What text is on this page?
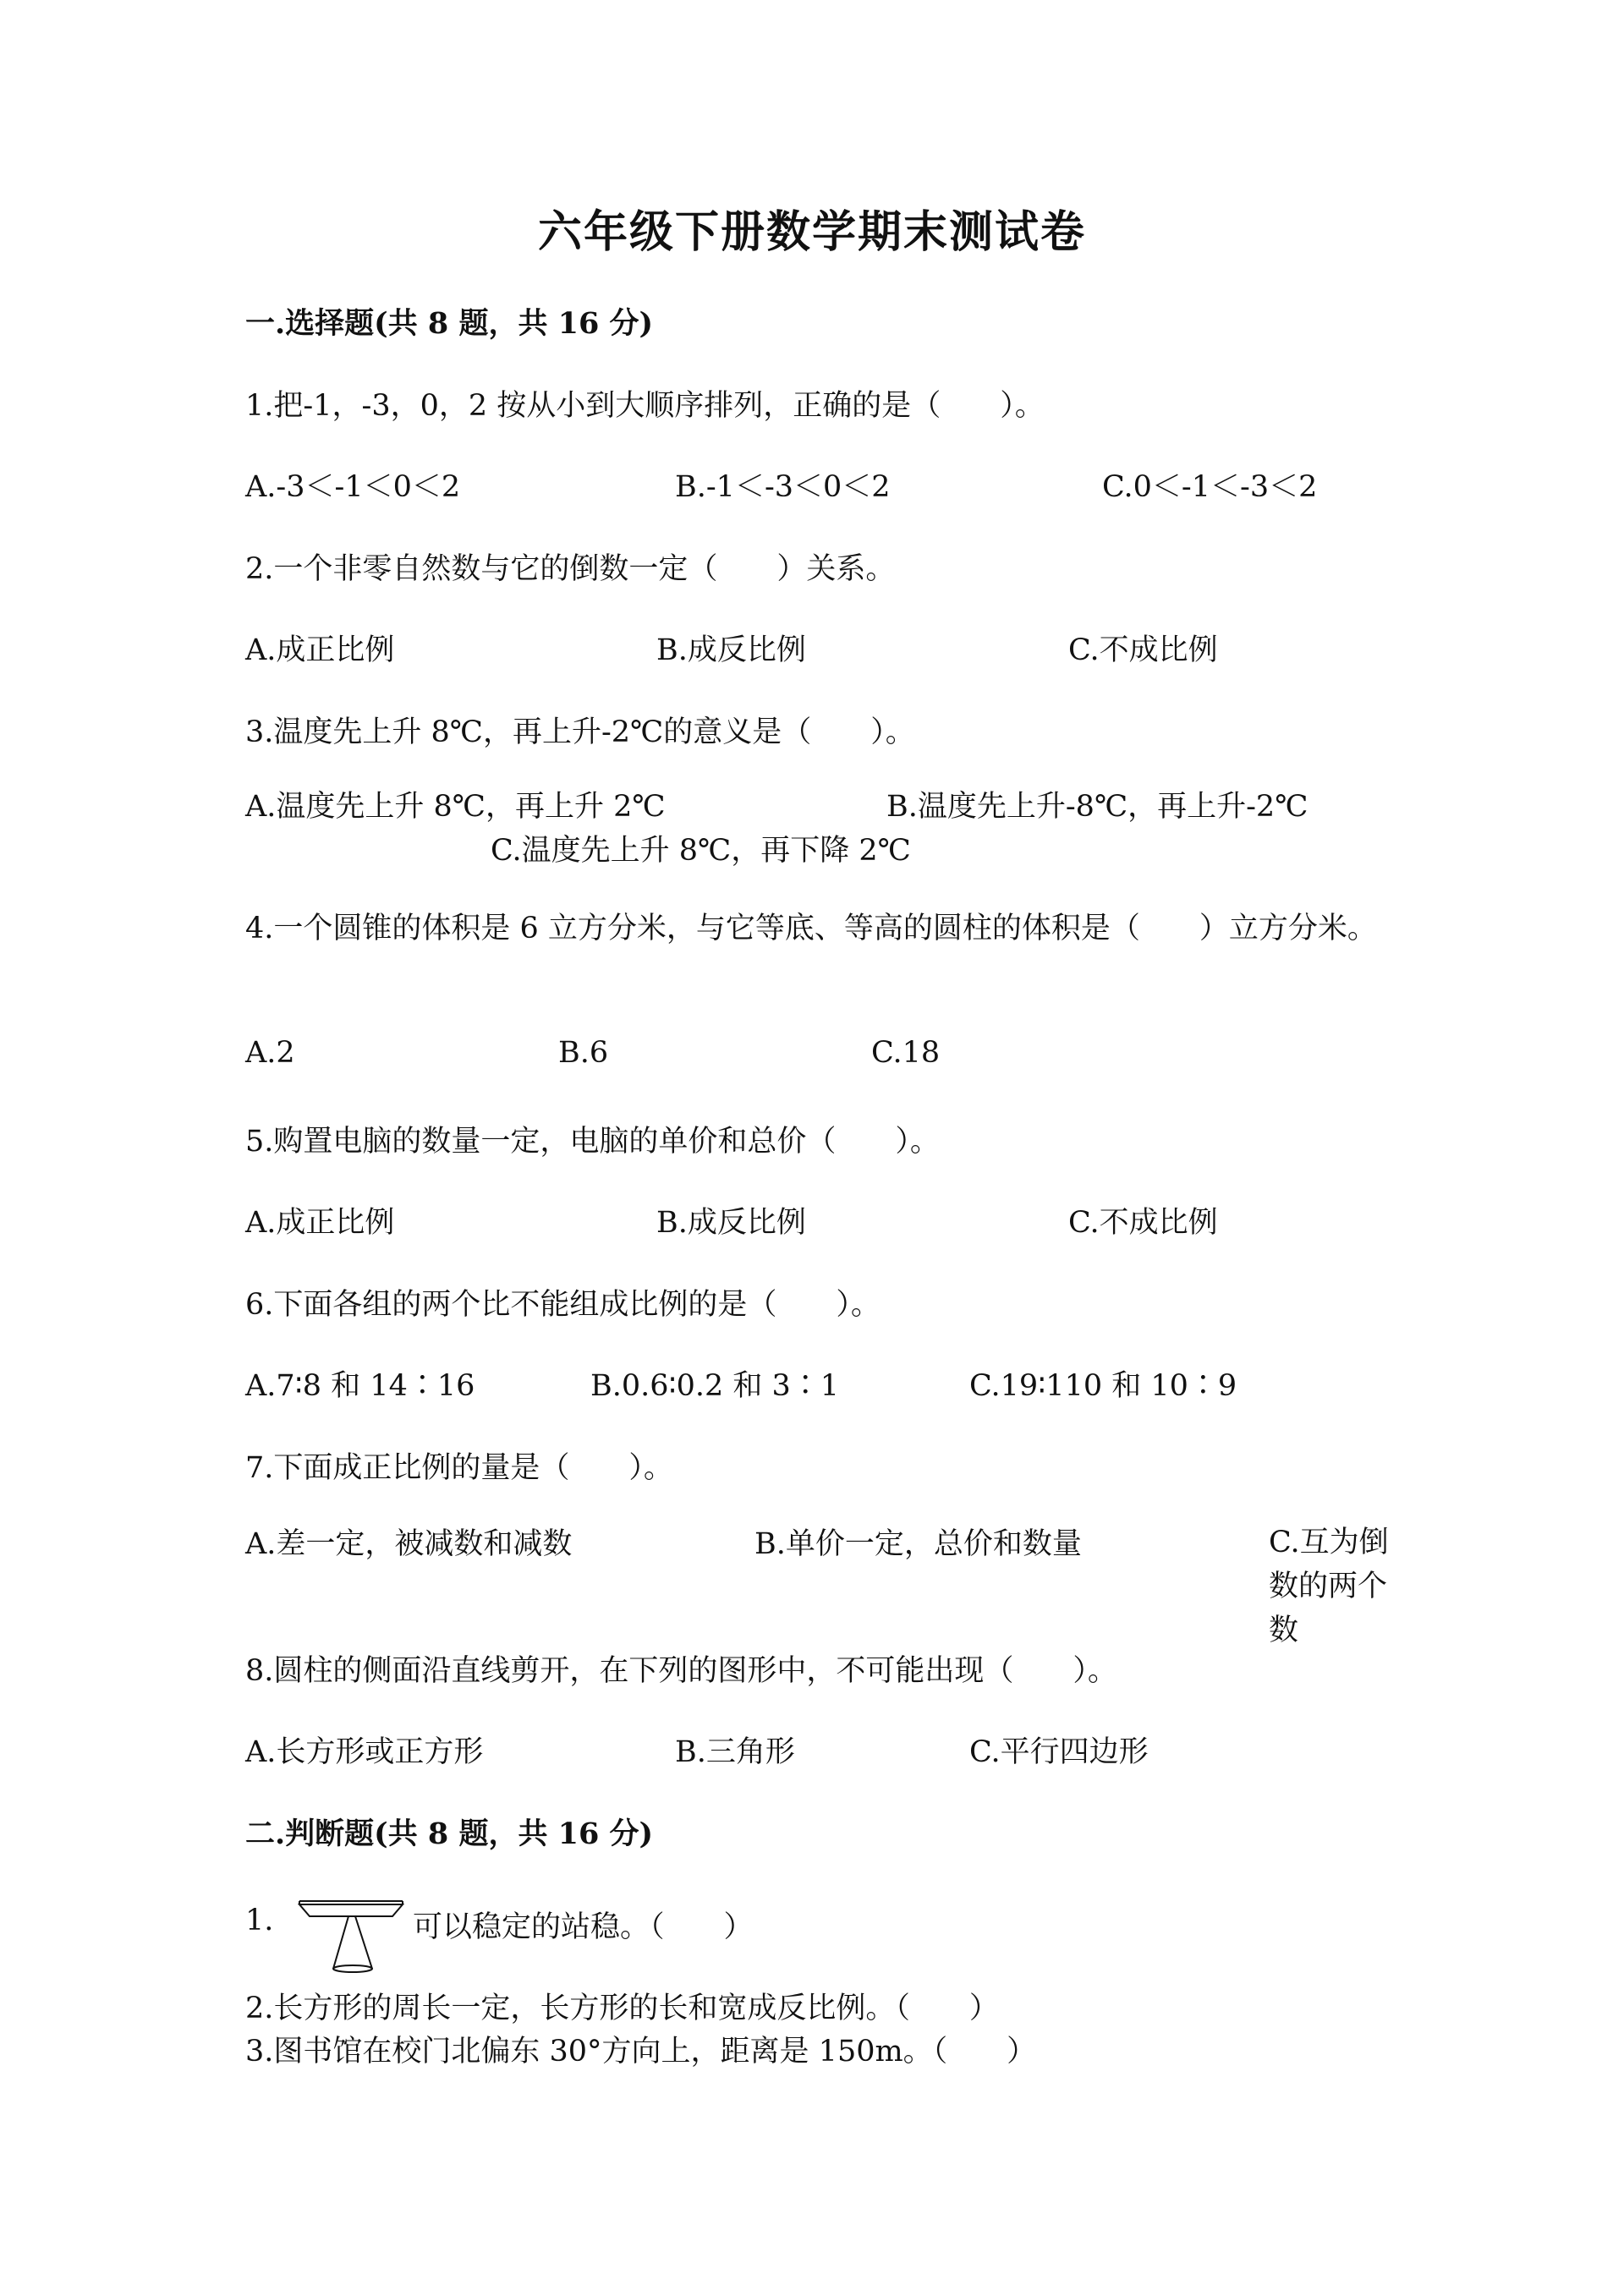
六年级下册数学期末测试卷
一.选择题(共 8 题，共 16 分)
1.把-1，-3，0，2 按从小到大顺序排列，正确的是（　　）。
A.-3＜-1＜0＜2	B.-1＜-3＜0＜2	C.0＜-1＜-3＜2
2.一个非零自然数与它的倒数一定（　　）关系。
A.成正比例	B.成反比例	C.不成比例
3.温度先上升 8℃，再上升-2℃的意义是（　　）。
A.温度先上升 8℃，再上升 2℃	B.温度先上升-8℃，再上升-2℃
C.温度先上升 8℃，再下降 2℃
4.一个圆锥的体积是 6 立方分米，与它等底、等高的圆柱的体积是（　　）立方分米。
A.2	B.6	C.18
5.购置电脑的数量一定，电脑的单价和总价（　　）。
A.成正比例	B.成反比例	C.不成比例
6.下面各组的两个比不能组成比例的是（　　）。
A.7∶8 和 14∶16	B.0.6∶0.2 和 3∶1	C.19∶110 和 10∶9
7.下面成正比例的量是（　　）。
A.差一定，被减数和减数	B.单价一定，总价和数量	C.互为倒数的两个数
8.圆柱的侧面沿直线剪开，在下列的图形中，不可能出现（　　）。
A.长方形或正方形	B.三角形	C.平行四边形
二.判断题(共 8 题，共 16 分)
1.	可以稳定的站稳。（　　）
2.长方形的周长一定，长方形的长和宽成反比例。（　　）
3.图书馆在校门北偏东 30°方向上，距离是 150m。（　　）
